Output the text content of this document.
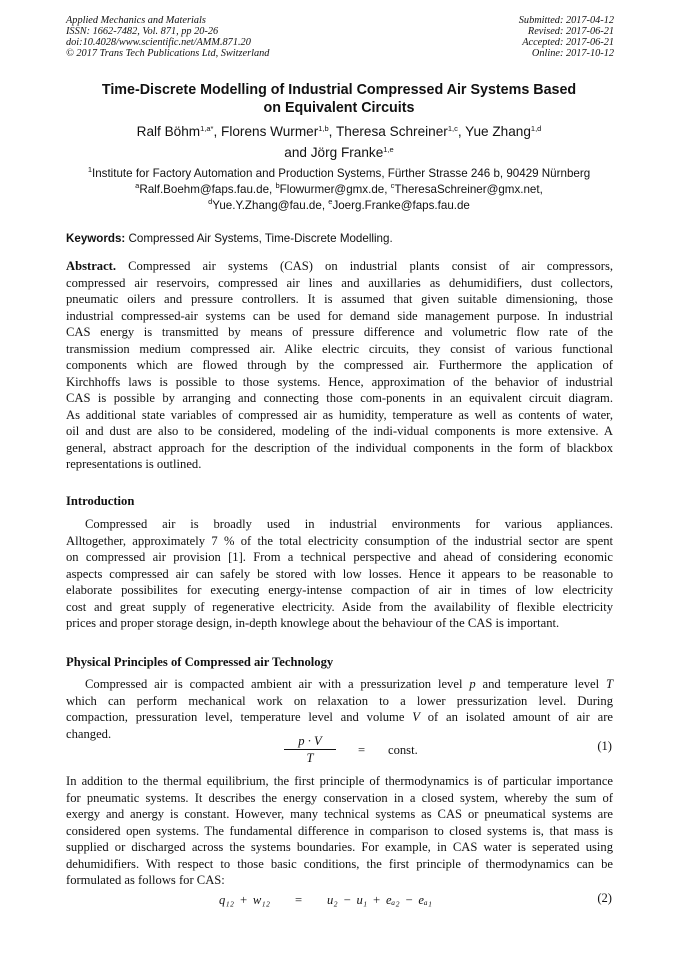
Applied Mechanics and Materials
ISSN: 1662-7482, Vol. 871, pp 20-26
doi:10.4028/www.scientific.net/AMM.871.20
© 2017 Trans Tech Publications Ltd, Switzerland
Submitted: 2017-04-12
Revised: 2017-06-21
Accepted: 2017-06-21
Online: 2017-10-12
Time-Discrete Modelling of Industrial Compressed Air Systems Based
on Equivalent Circuits
Ralf Böhm$^{1,a*}$, Florens Wurmer$^{1,b}$, Theresa Schreiner$^{1,c}$, Yue Zhang$^{1,d}$
and Jörg Franke$^{1,e}$
$^1$Institute for Factory Automation and Production Systems, Fürther Strasse 246 b, 90429 Nürnberg
$^a$Ralf.Boehm@faps.fau.de, $^b$Flowurmer@gmx.de, $^c$TheresaSchreiner@gmx.net,
$^d$Yue.Y.Zhang@fau.de, $^e$Joerg.Franke@faps.fau.de
Keywords: Compressed Air Systems, Time-Discrete Modelling.
Abstract. Compressed air systems (CAS) on industrial plants consist of air compressors,
compressed air reservoirs, compressed air lines and auxillaries as dehumidifiers, dust collectors,
pneumatic oilers and pressure controllers. It is assumed that given suitable dimensioning, those
industrial compressed-air systems can be used for demand side management purpose. In industrial
CAS energy is transmitted by means of pressure difference and volumetric flow rate of the
transmission medium compressed air. Alike electric circuits, they consist of various functional
components which are flowed through by the compressed air. Furthermore the application of
Kirchhoffs laws is possible to those systems. Hence, approximation of the behavior of industrial
CAS is possible by arranging and connecting those com-ponents in an equivalent circuit diagram.
As additional state variables of compressed air as humidity, temperature as well as contents of water,
oil and dust are also to be considered, modeling of the indi-vidual components is more extensive. A
general, abstract approach for the description of the individual components in the form of blackbox
representations is outlined.
Introduction
Compressed air is broadly used in industrial environments for various appliances.
Alltogether, approximately 7 % of the total electricity consumption of the industrial sector are spent
on compressed air provision [1]. From a technical perspective and ahead of considering economic
aspects compressed air can safely be stored with low losses. Hence it appears to be reasonable to
elaborate possibilites for executing energy-intense compaction of air in times of low electricity
cost and great supply of regenerative electricity. Aside from the availability of flexible electricity
prices and proper storage design, in-depth knowlege about the behaviour of the CAS is important.
Physical Principles of Compressed air Technology
Compressed air is compacted ambient air with a pressurization level p and temperature level T
which can perform mechanical work on relaxation to a lower pressurization level. During
compaction, pressuration level, temperature level and volume V of an isolated amount of air are
changed.
p · V
T
= const.	(1)
In addition to the thermal equilibrium, the first principle of thermodynamics is of particular importance
for pneumatic systems. It describes the energy conservation in a closed system, whereby the sum of
exergy and anergy is constant. However, many technical systems as CAS or pneumatical systems are
considered open systems. The fundamental difference in comparison to closed systems is, that mass is
supplied or discharged across the systems boundaries. For example, in CAS water is seperated using
dehumidifiers. With respect to those basic conditions, the first principle of thermodynamics can be
formulated as follows for CAS:
q₁₂ + w₁₂ = u₂ − u₁ + eₐ₂ − eₐ₁	(2)
